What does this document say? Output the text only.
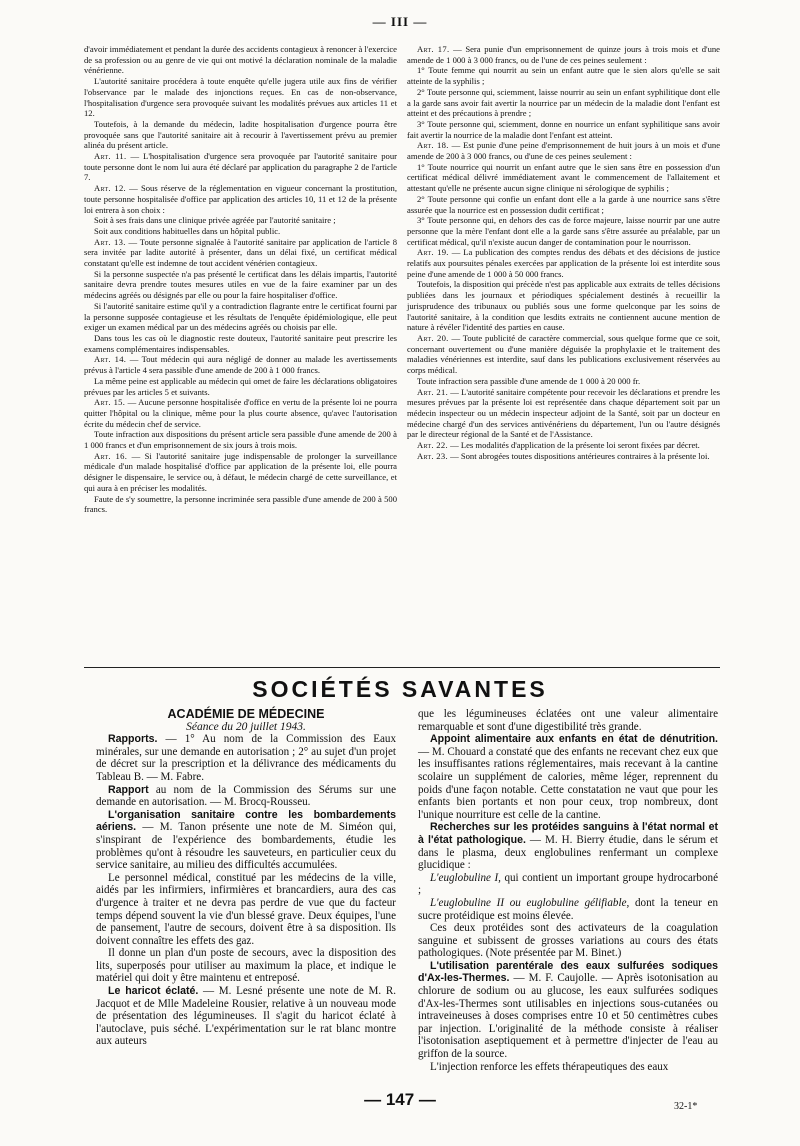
— III —

d'avoir immédiatement et pendant la durée des accidents contagieux à renoncer à l'exercice de sa profession ou au genre de vie qui ont motivé la déclaration nominale de la maladie vénérienne.

L'autorité sanitaire procédera à toute enquête qu'elle jugera utile aux fins de vérifier l'observance par le malade des injonctions reçues. En cas de non-observance, l'hospitalisation d'urgence sera provoquée suivant les modalités prévues aux articles 11 et 12.

Toutefois, à la demande du médecin, ladite hospitalisation d'urgence pourra être provoquée sans que l'autorité sanitaire ait à recourir à l'avertissement prévu au premier alinéa du présent article.

Art. 11. — L'hospitalisation d'urgence sera provoquée par l'autorité sanitaire pour toute personne dont le nom lui aura été déclaré par application du paragraphe 2 de l'article 7.

Art. 12. — Sous réserve de la réglementation en vigueur concernant la prostitution, toute personne hospitalisée d'office par application des articles 10, 11 et 12 de la présente loi entrera à son choix :

Soit à ses frais dans une clinique privée agréée par l'autorité sanitaire ;

Soit aux conditions habituelles dans un hôpital public.

Art. 13. — Toute personne signalée à l'autorité sanitaire par application de l'article 8 sera invitée par ladite autorité à présenter, dans un délai fixé, un certificat médical constatant qu'elle est indemne de tout accident vénérien contagieux.

Si la personne suspectée n'a pas présenté le certificat dans les délais impartis, l'autorité sanitaire devra prendre toutes mesures utiles en vue de la faire examiner par un des médecins agréés ou désignés par elle ou pour la faire hospitaliser d'office.

Si l'autorité sanitaire estime qu'il y a contradiction flagrante entre le certificat fourni par la personne supposée contagieuse et les résultats de l'enquête épidémiologique, elle peut exiger un examen médical par un des médecins agréés ou choisis par elle.

Dans tous les cas où le diagnostic reste douteux, l'autorité sanitaire peut prescrire les examens complémentaires indispensables.

Art. 14. — Tout médecin qui aura négligé de donner au malade les avertissements prévus à l'article 4 sera passible d'une amende de 200 à 1 000 francs.

La même peine est applicable au médecin qui omet de faire les déclarations obligatoires prévues par les articles 5 et suivants.

Art. 15. — Aucune personne hospitalisée d'office en vertu de la présente loi ne pourra quitter l'hôpital ou la clinique, même pour la plus courte absence, qu'avec l'autorisation écrite du médecin chef de service.

Toute infraction aux dispositions du présent article sera passible d'une amende de 200 à 1 000 francs et d'un emprisonnement de six jours à trois mois.

Art. 16. — Si l'autorité sanitaire juge indispensable de prolonger la surveillance médicale d'un malade hospitalisé d'office par application de la présente loi, elle pourra désigner le dispensaire, le service ou, à défaut, le médecin chargé de cette surveillance, et qui aura à en préciser les modalités.

Faute de s'y soumettre, la personne incriminée sera passible d'une amende de 200 à 500 francs.

Art. 17. — Sera punie d'un emprisonnement de quinze jours à trois mois et d'une amende de 1 000 à 3 000 francs, ou de l'une de ces peines seulement :

1° Toute femme qui nourrit au sein un enfant autre que le sien alors qu'elle se sait atteinte de la syphilis ;

2° Toute personne qui, sciemment, laisse nourrir au sein un enfant syphilitique dont elle a la garde sans avoir fait avertir la nourrice par un médecin de la maladie dont l'enfant est atteint et des précautions à prendre ;

3° Toute personne qui, sciemment, donne en nourrice un enfant syphilitique sans avoir fait avertir la nourrice de la maladie dont l'enfant est atteint.

Art. 18. — Est punie d'une peine d'emprisonnement de huit jours à un mois et d'une amende de 200 à 3 000 francs, ou d'une de ces peines seulement :

1° Toute nourrice qui nourrit un enfant autre que le sien sans être en possession d'un certificat médical délivré immédiatement avant le commencement de l'allaitement et attestant qu'elle ne présente aucun signe clinique ni sérologique de syphilis ;

2° Toute personne qui confie un enfant dont elle a la garde à une nourrice sans s'être assurée que la nourrice est en possession dudit certificat ;

3° Toute personne qui, en dehors des cas de force majeure, laisse nourrir par une autre personne que la mère l'enfant dont elle a la garde sans s'être assurée au préalable, par un certificat médical, qu'il n'existe aucun danger de contamination pour le nourrisson.

Art. 19. — La publication des comptes rendus des débats et des décisions de justice relatifs aux poursuites pénales exercées par application de la présente loi est interdite sous peine d'une amende de 1 000 à 50 000 francs.

Toutefois, la disposition qui précède n'est pas applicable aux extraits de telles décisions publiées dans les journaux et périodiques spécialement destinés à recueillir la jurisprudence des tribunaux ou publiés sous une forme quelconque par les soins de l'autorité sanitaire, à la condition que lesdits extraits ne contiennent aucune mention de nature à révéler l'identité des parties en cause.

Art. 20. — Toute publicité de caractère commercial, sous quelque forme que ce soit, concernant ouvertement ou d'une manière déguisée la prophylaxie et le traitement des maladies vénériennes est interdite, sauf dans les publications exclusivement réservées au corps médical.

Toute infraction sera passible d'une amende de 1 000 à 20 000 fr.

Art. 21. — L'autorité sanitaire compétente pour recevoir les déclarations et prendre les mesures prévues par la présente loi est représentée dans chaque département soit par un médecin inspecteur ou un médecin inspecteur adjoint de la Santé, soit par un docteur en médecine chargé d'un des services antivénériens du département, l'un ou l'autre désignés par le directeur régional de la Santé et de l'Assistance.

Art. 22. — Les modalités d'application de la présente loi seront fixées par décret.

Art. 23. — Sont abrogées toutes dispositions antérieures contraires à la présente loi.

SOCIÉTÉS SAVANTES

ACADÉMIE DE MÉDECINE

Séance du 20 juillet 1943.

Rapports. — 1° Au nom de la Commission des Eaux minérales, sur une demande en autorisation ; 2° au sujet d'un projet de décret sur la prescription et la délivrance des médicaments du Tableau B. — M. Fabre.

Rapport au nom de la Commission des Sérums sur une demande en autorisation. — M. Brocq-Rousseu.

L'organisation sanitaire contre les bombardements aériens. — M. Tanon présente une note de M. Siméon qui, s'inspirant de l'expérience des bombardements, étudie les problèmes qu'ont à résoudre les sauveteurs, en particulier ceux du service sanitaire, au milieu des difficultés accumulées.

Le personnel médical, constitué par les médecins de la ville, aidés par les infirmiers, infirmières et brancardiers, aura des cas d'urgence à traiter et ne devra pas perdre de vue que du facteur temps dépend souvent la vie d'un blessé grave. Deux équipes, l'une de pansement, l'autre de secours, doivent être à sa disposition. Ils doivent connaître les effets des gaz.

Il donne un plan d'un poste de secours, avec la disposition des lits, superposés pour utiliser au maximum la place, et indique le matériel qui doit y être maintenu et entreposé.

Le haricot éclaté. — M. Lesné présente une note de M. R. Jacquot et de Mlle Madeleine Rousier, relative à un nouveau mode de présentation des légumineuses. Il s'agit du haricot éclaté à l'autoclave, puis séché. L'expérimentation sur le rat blanc montre aux auteurs

que les légumineuses éclatées ont une valeur alimentaire remarquable et sont d'une digestibilité très grande.

Appoint alimentaire aux enfants en état de dénutrition. — M. Chouard a constaté que des enfants ne recevant chez eux que les insuffisantes rations réglementaires, mais recevant à la cantine scolaire un supplément de calories, même léger, reprennent du poids d'une façon notable. Cette constatation ne vaut que pour les enfants bien portants et non pour ceux, trop nombreux, dont l'unique nourriture est celle de la cantine.

Recherches sur les protéides sanguins à l'état normal et à l'état pathologique. — M. H. Bierry étudie, dans le sérum et dans le plasma, deux englobulines renfermant un complexe glucidique :

L'euglobuline I, qui contient un important groupe hydrocarboné ;

L'euglobuline II ou euglobuline gélifiable, dont la teneur en sucre protéidique est moins élevée.

Ces deux protéides sont des activateurs de la coagulation sanguine et subissent de grosses variations au cours des états pathologiques. (Note présentée par M. Binet.)

L'utilisation parentérale des eaux sulfurées sodiques d'Ax-les-Thermes. — M. F. Caujolle. — Après isotonisation au chlorure de sodium ou au glucose, les eaux sulfurées sodiques d'Ax-les-Thermes sont utilisables en injections sous-cutanées ou intraveineuses à doses comprises entre 10 et 50 centimètres cubes par injection. L'originalité de la méthode consiste à réaliser l'isotonisation aseptiquement et à permettre d'injecter de l'eau au griffon de la source.

L'injection renforce les effets thérapeutiques des eaux

— 147 —	32-1*
